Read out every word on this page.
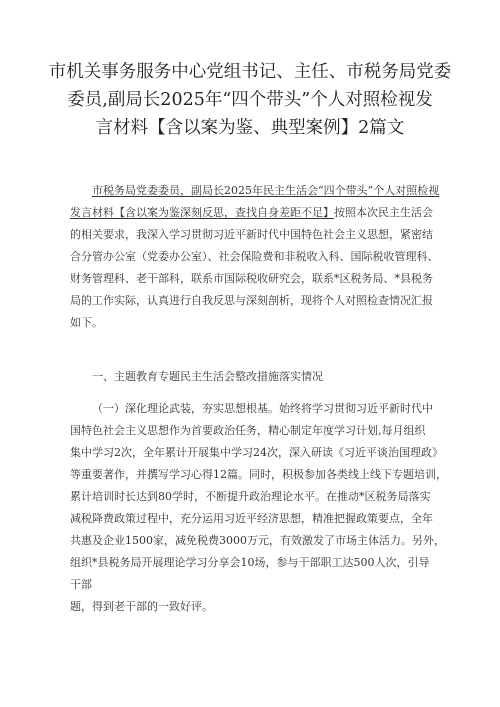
市机关事务服务中心党组书记、主任、市税务局党委
委员,副局长2025年“四个带头”个人对照检视发
言材料【含以案为鉴、典型案例】2篇文
市税务局党委委员，副局长2025年民主生活会“四个带头”个人对照检视
发言材料【含以案为鉴深刻反思，查找自身差距不足】按照本次民主生活会
的相关要求，我深入学习贯彻习近平新时代中国特色社会主义思想，紧密结
合分管办公室（党委办公室）、社会保险费和非税收入科、国际税收管理科、
财务管理科、老干部科，联系市国际税收研究会，联系*区税务局、*县税务
局的工作实际，认真进行自我反思与深刻剖析，现将个人对照检查情况汇报
如下。
一、主题教育专题民主生活会整改措施落实情况
（一）深化理论武装，夯实思想根基。始终将学习贯彻习近平新时代中
国特色社会主义思想作为首要政治任务，精心制定年度学习计划,每月组织
集中学习2次，全年累计开展集中学习24次，深入研读《习近平谈治国理政》
等重要著作，并撰写学习心得12篇。同时，积极参加各类线上线下专题培训，
累计培训时长达到80学时，不断提升政治理论水平。在推动*区税务局落实
减税降费政策过程中，充分运用习近平经济思想，精准把握政策要点，全年
共惠及企业1500家，减免税费3000万元，有效激发了市场主体活力。另外，
组织*县税务局开展理论学习分享会10场，参与干部职工达500人次，引导
干部
题，得到老干部的一致好评。
